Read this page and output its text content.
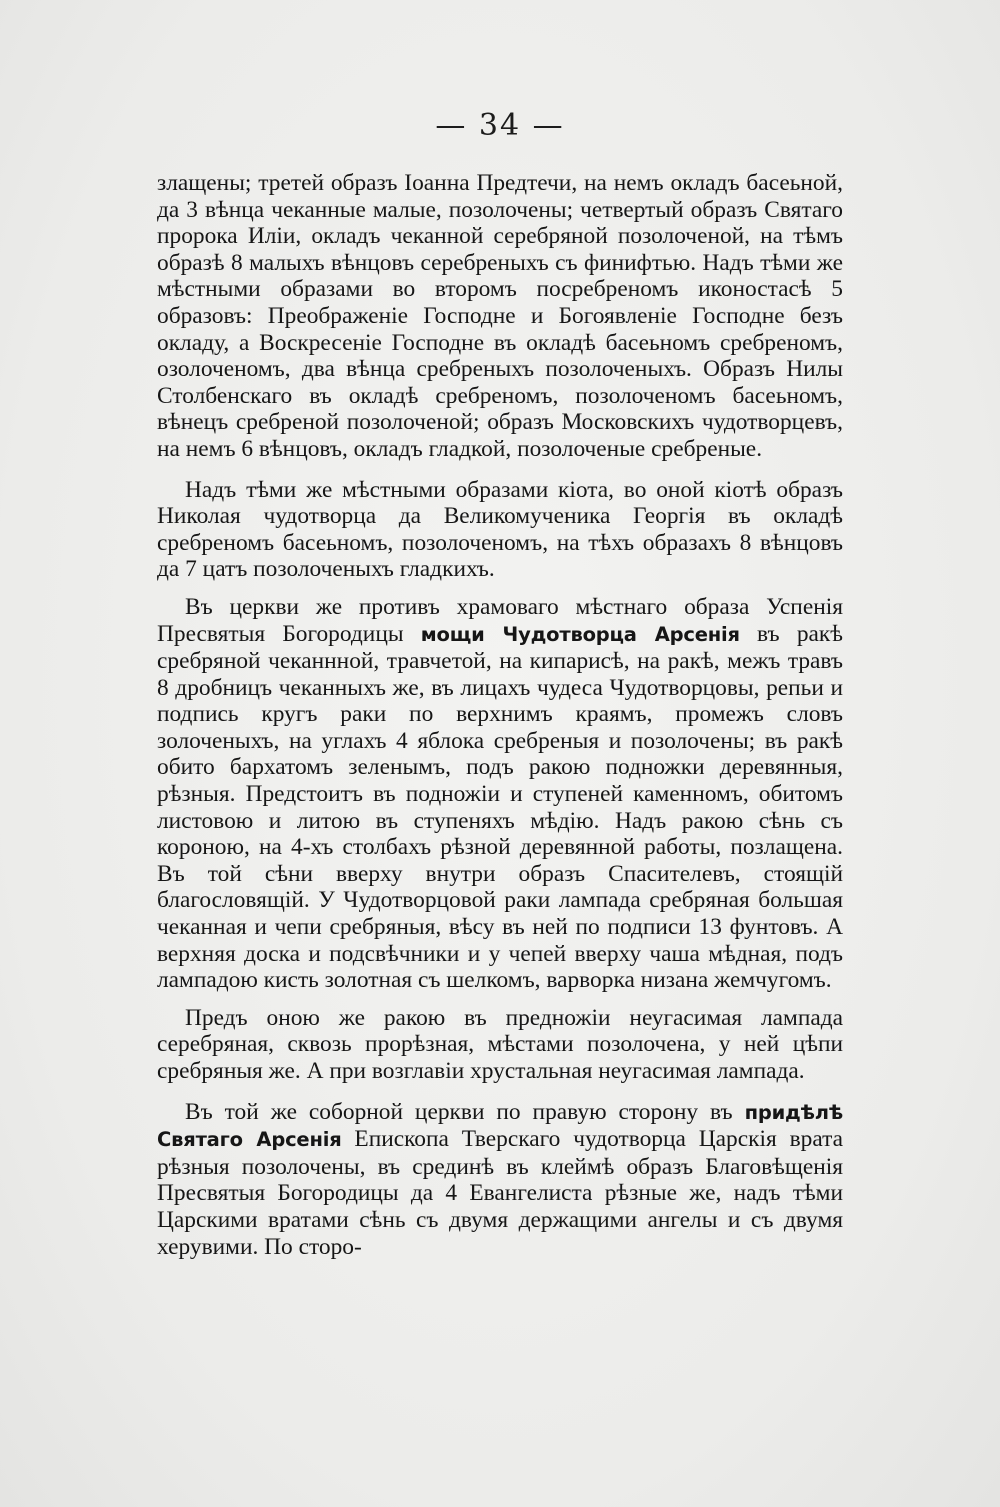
— 34 —

злащены; третей образъ Іоанна Предтечи, на немъ окладъ басеьной, да 3 вѣнца чеканные малые, позолочены; четвертый образъ Святаго пророка Иліи, окладъ чеканной серебряной позолоченой, на тѣмъ образѣ 8 малыхъ вѣнцовъ серебреныхъ съ финифтью. Надъ тѣми же мѣстными образами во второмъ посребреномъ иконостасѣ 5 образовъ: Преображеніе Господне и Богоявленіе Господне безъ окладу, а Воскресеніе Господне въ окладѣ басеьномъ сребреномъ, озолоченомъ, два вѣнца сребреныхъ позолоченыхъ. Образъ Нилы Столбенскаго въ окладѣ сребреномъ, позолоченомъ басеьномъ, вѣнецъ сребреной позолоченой; образъ Московскихъ чудотворцевъ, на немъ 6 вѣнцовъ, окладъ гладкой, позолоченые сребреные.

Надъ тѣми же мѣстными образами кіота, во оной кіотѣ образъ Николая чудотворца да Великомученика Георгія въ окладѣ сребреномъ басеьномъ, позолоченомъ, на тѣхъ образахъ 8 вѣнцовъ да 7 цатъ позолоченыхъ гладкихъ.

Въ церкви же противъ храмоваго мѣстнаго образа Успенія Пресвятыя Богородицы мощи Чудотворца Арсенія въ ракѣ сребряной чеканнной, травчетой, на кипарисѣ, на ракѣ, межъ травъ 8 дробницъ чеканныхъ же, въ лицахъ чудеса Чудотворцовы, репьи и подпись кругъ раки по верхнимъ краямъ, промежъ словъ золоченыхъ, на углахъ 4 яблока сребреныя и позолочены; въ ракѣ обито бархатомъ зеленымъ, подъ ракою подножки деревянныя, рѣзныя. Предстоитъ въ подножіи и ступеней каменномъ, обитомъ листовою и литою въ ступеняхъ мѣдію. Надъ ракою сѣнь съ короною, на 4-хъ столбахъ рѣзной деревянной работы, позлащена. Въ той сѣни вверху внутри образъ Спасителевъ, стоящій благословящій. У Чудотворцовой раки лампада сребряная большая чеканная и чепи сребряныя, вѣсу въ ней по подписи 13 фунтовъ. А верхняя доска и подсвѣчники и у чепей вверху чаша мѣдная, подъ лампадою кисть золотная съ шелкомъ, варворка низана жемчугомъ.

Предъ оною же ракою въ предножіи неугасимая лампада серебряная, сквозь прорѣзная, мѣстами позолочена, у ней цѣпи сребряныя же. А при возглавіи хрустальная неугасимая лампада.

Въ той же соборной церкви по правую сторону въ придѣлѣ Святаго Арсенія Епископа Тверскаго чудотворца Царскія врата рѣзныя позолочены, въ срединѣ въ клеймѣ образъ Благовѣщенія Пресвятыя Богородицы да 4 Евангелиста рѣзные же, надъ тѣми Царскими вратами сѣнь съ двумя держащими ангелы и съ двумя херувими. По сторо-
